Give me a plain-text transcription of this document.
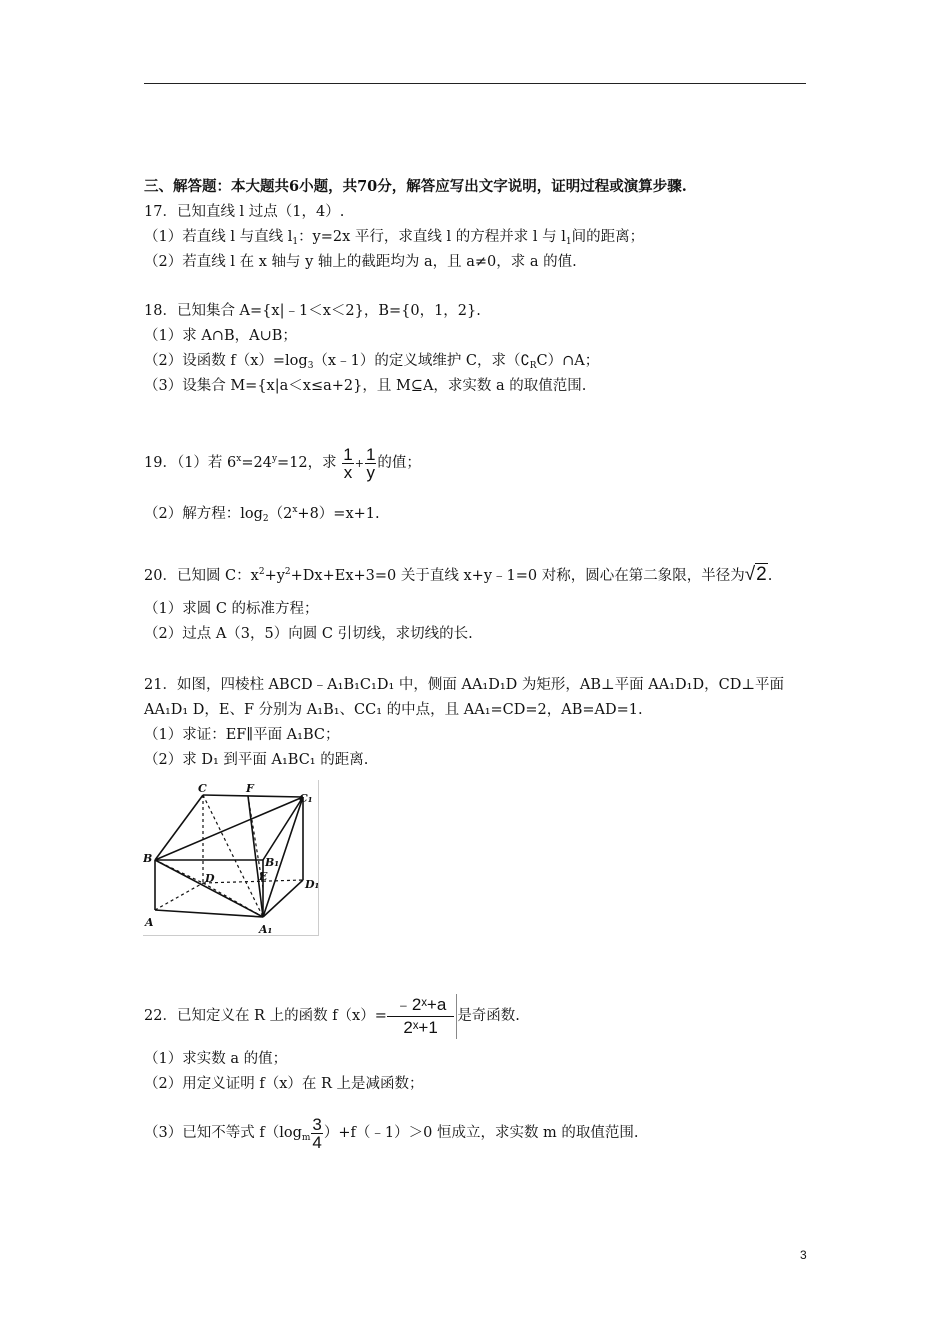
三、解答题：本大题共6小题，共70分，解答应写出文字说明，证明过程或演算步骤.
17．已知直线 l 过点（1，4）.
（1）若直线 l 与直线 $l_1$：y=2x 平行，求直线 l 的方程并求 l 与 $l_1$间的距离；
（2）若直线 l 在 x 轴与 y 轴上的截距均为 a，且 a≠0，求 a 的值.
18．已知集合 A={x|﹣1＜x＜2}，B={0，1，2}.
（1）求 A∩B，A∪B；
（2）设函数 $f(x)=\log_3(x﹣1)$的定义域维护 C，求$(∁_RC)\cap A$；
（3）设集合 M={x|a＜x≤a+2}，且 M⊆A，求实数 a 的取值范围.
19．（1）若 $6^x=24^y=12$，求 $\frac{1}{x} + \frac{1}{y}$ 的值；
（2）解方程：$\log_2(2^x+8)=x+1$.
20．已知圆 C：$x^2+y^2+Dx+Ex+3=0$ 关于直线 x+y﹣1=0 对称，圆心在第二象限，半径为√2.
（1）求圆 C 的标准方程；
（2）过点 A（3，5）向圆 C 引切线，求切线的长.
21．如图，四棱柱 ABCD﹣A₁B₁C₁D₁ 中，侧面 AA₁D₁D 为矩形，AB⊥平面 AA₁D₁D，CD⊥平面
AA₁D₁ D，E、F 分别为 A₁B₁、CC₁ 的中点，且 AA₁=CD=2，AB=AD=1.
（1）求证：EF∥平面 A₁BC；
（2）求 D₁ 到平面 A₁BC₁ 的距离.
C	F
C₁
B	B₁
D	E
D₁
A
A₁
22．已知定义在 R 上的函数 $f(x)= \frac{\text{﹣2ˣ+a}}{\text{2ˣ+1}}$ 是奇函数.
（1）求实数 a 的值；
（2）用定义证明 f（x）在 R 上是减函数；
（3）已知不等式 $f(\log_m \frac{3}{4}$ ）+f（﹣1）＞0 恒成立，求实数 m 的取值范围.
3
